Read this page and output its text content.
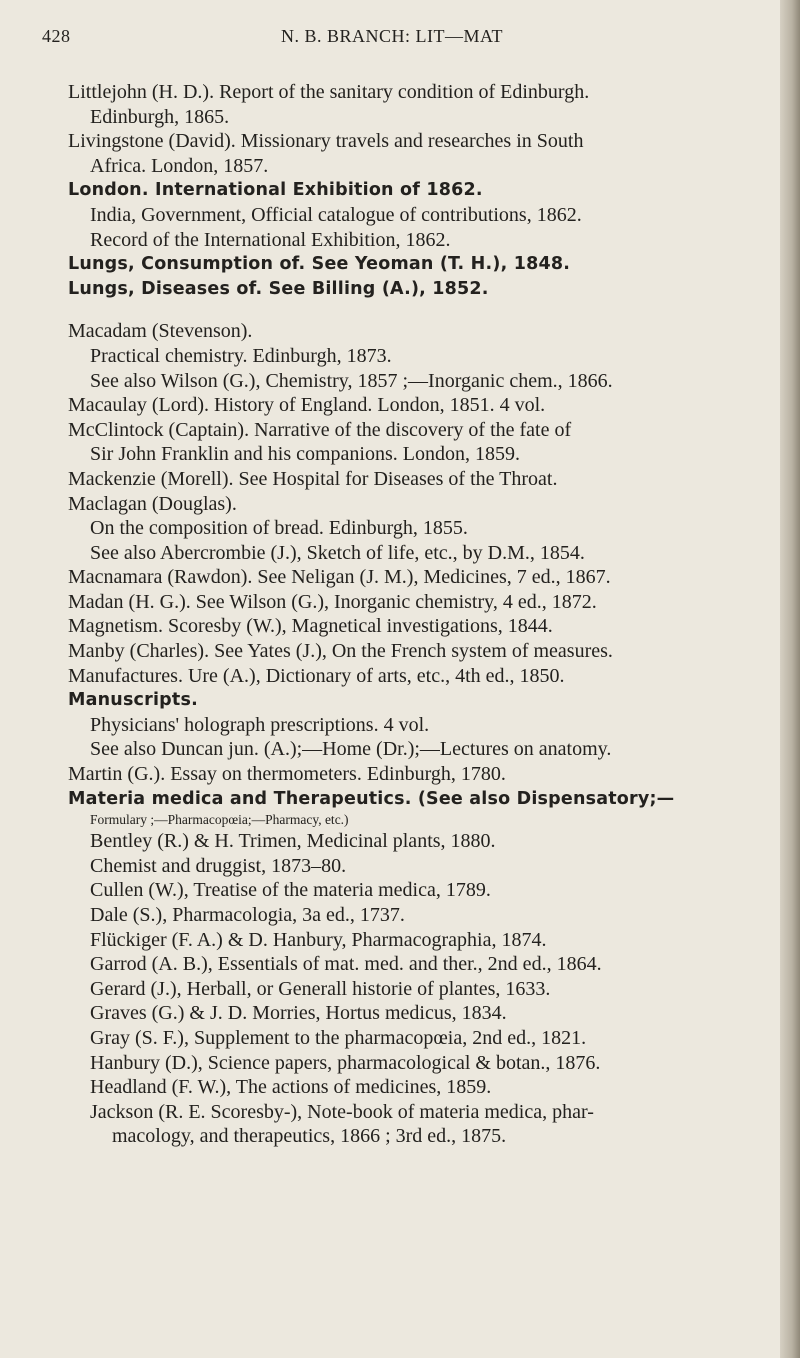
428	N. B. BRANCH: LIT—MAT

Littlejohn (H. D.). Report of the sanitary condition of Edinburgh.

Edinburgh, 1865.

Livingstone (David). Missionary travels and researches in South

Africa. London, 1857.

London. International Exhibition of 1862.

India, Government, Official catalogue of contributions, 1862.

Record of the International Exhibition, 1862.

Lungs, Consumption of. See Yeoman (T. H.), 1848.

Lungs, Diseases of. See Billing (A.), 1852.

Macadam (Stevenson).

Practical chemistry. Edinburgh, 1873.

See also Wilson (G.), Chemistry, 1857 ;—Inorganic chem., 1866.

Macaulay (Lord). History of England. London, 1851. 4 vol.

McClintock (Captain). Narrative of the discovery of the fate of

Sir John Franklin and his companions. London, 1859.

Mackenzie (Morell). See Hospital for Diseases of the Throat.

Maclagan (Douglas).

On the composition of bread. Edinburgh, 1855.

See also Abercrombie (J.), Sketch of life, etc., by D.M., 1854.

Macnamara (Rawdon). See Neligan (J. M.), Medicines, 7 ed., 1867.

Madan (H. G.). See Wilson (G.), Inorganic chemistry, 4 ed., 1872.

Magnetism. Scoresby (W.), Magnetical investigations, 1844.

Manby (Charles). See Yates (J.), On the French system of measures.

Manufactures. Ure (A.), Dictionary of arts, etc., 4th ed., 1850.

Manuscripts.

Physicians' holograph prescriptions. 4 vol.

See also Duncan jun. (A.);—Home (Dr.);—Lectures on anatomy.

Martin (G.). Essay on thermometers. Edinburgh, 1780.

Materia medica and Therapeutics. (See also Dispensatory;—

Formulary ;—Pharmacopœia;—Pharmacy, etc.)

Bentley (R.) & H. Trimen, Medicinal plants, 1880.

Chemist and druggist, 1873–80.

Cullen (W.), Treatise of the materia medica, 1789.

Dale (S.), Pharmacologia, 3a ed., 1737.

Flückiger (F. A.) & D. Hanbury, Pharmacographia, 1874.

Garrod (A. B.), Essentials of mat. med. and ther., 2nd ed., 1864.

Gerard (J.), Herball, or Generall historie of plantes, 1633.

Graves (G.) & J. D. Morries, Hortus medicus, 1834.

Gray (S. F.), Supplement to the pharmacopœia, 2nd ed., 1821.

Hanbury (D.), Science papers, pharmacological & botan., 1876.

Headland (F. W.), The actions of medicines, 1859.

Jackson (R. E. Scoresby-), Note-book of materia medica, phar-

macology, and therapeutics, 1866 ; 3rd ed., 1875.
